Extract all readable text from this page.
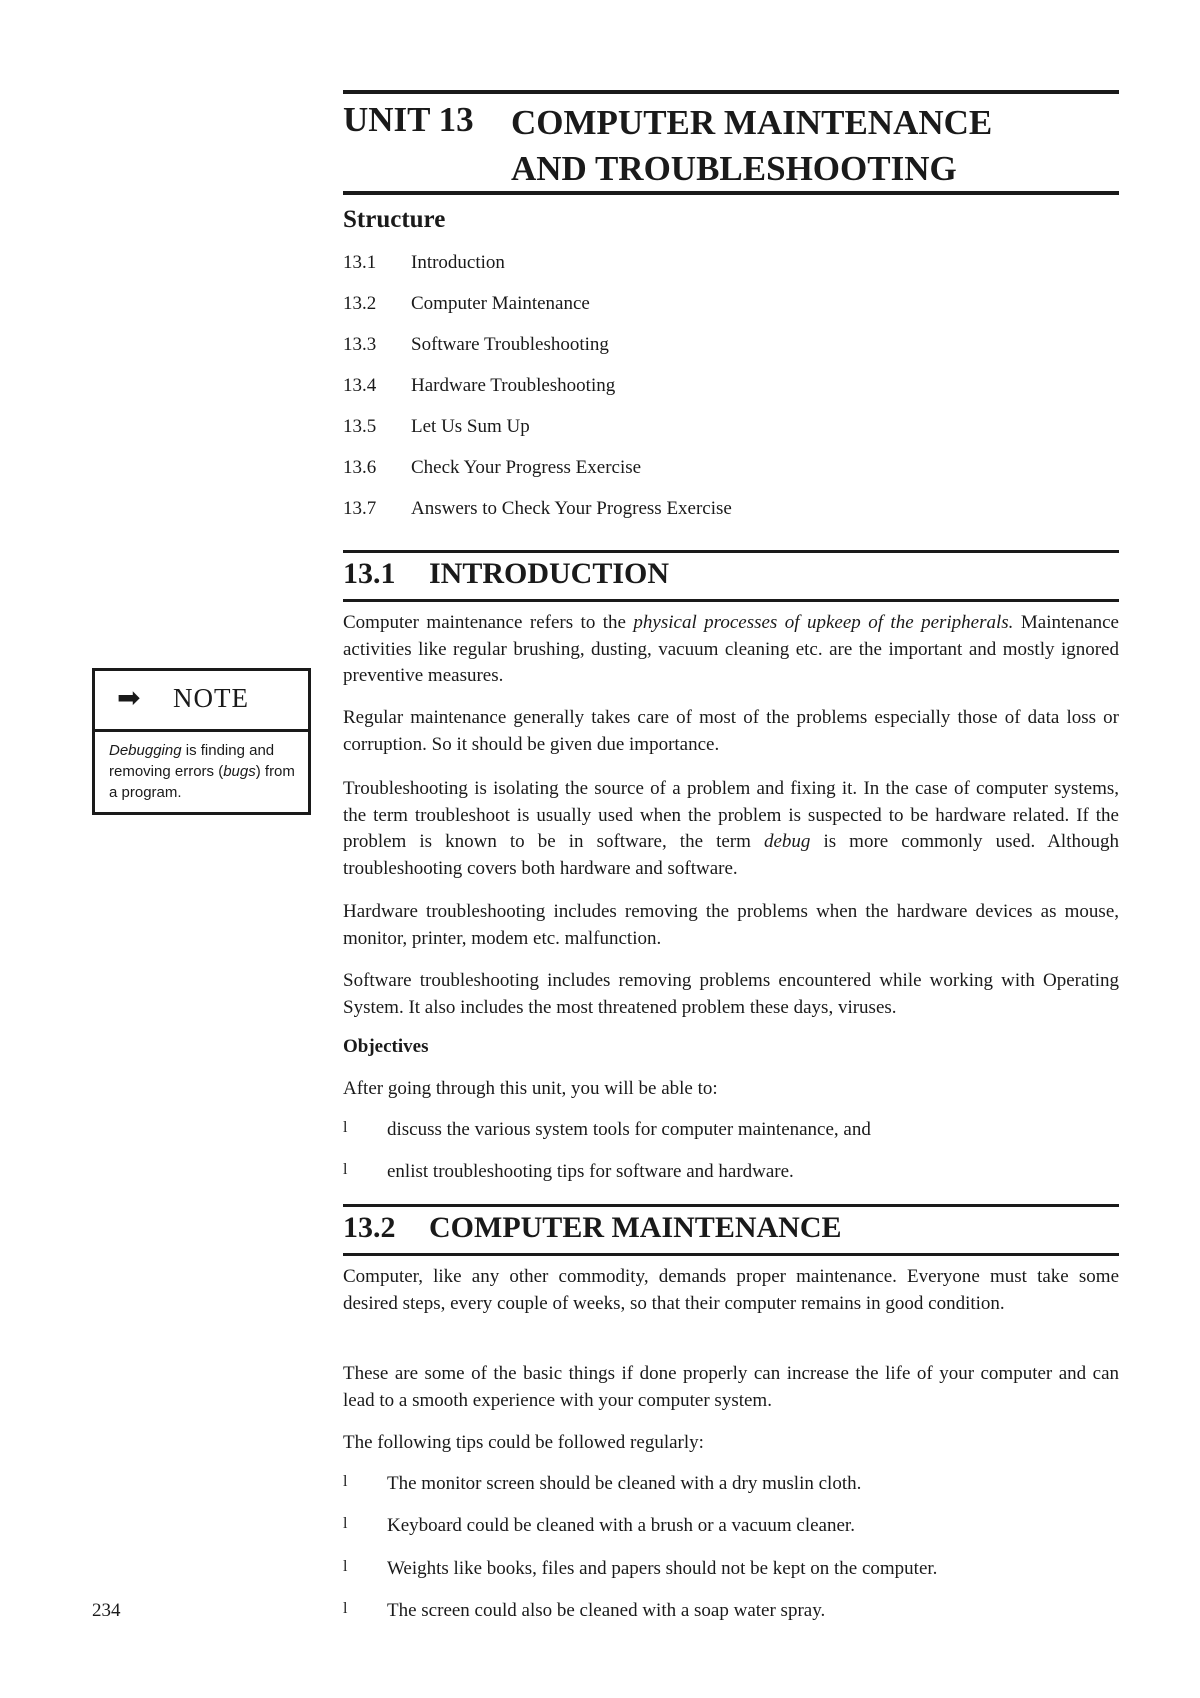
UNIT 13 COMPUTER MAINTENANCE
AND TROUBLESHOOTING
Structure
13.1 Introduction
13.2 Computer Maintenance
13.3 Software Troubleshooting
13.4 Hardware Troubleshooting
13.5 Let Us Sum Up
13.6 Check Your Progress Exercise
13.7 Answers to Check Your Progress Exercise
13.1 INTRODUCTION

Computer maintenance refers to the physical processes of upkeep of the peripherals. Maintenance activities like regular brushing, dusting, vacuum cleaning etc. are the important and mostly ignored preventive measures.

Regular maintenance generally takes care of most of the problems especially those of data loss or corruption. So it should be given due importance.

Troubleshooting is isolating the source of a problem and fixing it. In the case of computer systems, the term troubleshoot is usually used when the problem is suspected to be hardware related. If the problem is known to be in software, the term debug is more commonly used. Although troubleshooting covers both hardware and software.

Hardware troubleshooting includes removing the problems when the hardware devices as mouse, monitor, printer, modem etc. malfunction.

Software troubleshooting includes removing problems encountered while working with Operating System. It also includes the most threatened problem these days, viruses.

Objectives

After going through this unit, you will be able to:

l discuss the various system tools for computer maintenance, and
l enlist troubleshooting tips for software and hardware.
13.2 COMPUTER MAINTENANCE

Computer, like any other commodity, demands proper maintenance. Everyone must take some desired steps, every couple of weeks, so that their computer remains in good condition.

These are some of the basic things if done properly can increase the life of your computer and can lead to a smooth experience with your computer system.

The following tips could be followed regularly:

l The monitor screen should be cleaned with a dry muslin cloth.
l Keyboard could be cleaned with a brush or a vacuum cleaner.
l Weights like books, files and papers should not be kept on the computer.
l The screen could also be cleaned with a soap water spray.
➡ NOTE
Debugging is finding and removing errors (bugs) from a program.
234
